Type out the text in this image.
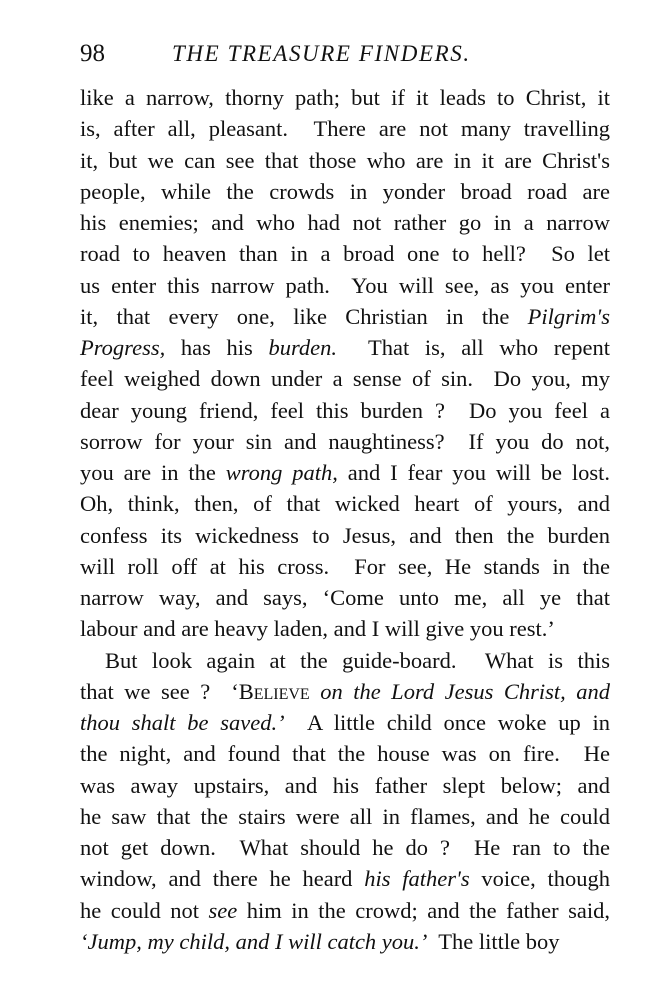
98	THE TREASURE FINDERS.
like a narrow, thorny path; but if it leads to Christ, it
is, after all, pleasant.  There are not many travelling
it, but we can see that those who are in it are Christ's
people, while the crowds in yonder broad road are
his enemies; and who had not rather go in a narrow
road to heaven than in a broad one to hell?  So let
us enter this narrow path.  You will see, as you enter
it, that every one, like Christian in the Pilgrim's
Progress, has his burden.  That is, all who repent
feel weighed down under a sense of sin.  Do you, my
dear young friend, feel this burden ?  Do you feel a
sorrow for your sin and naughtiness?  If you do not,
you are in the wrong path, and I fear you will be lost.
Oh, think, then, of that wicked heart of yours, and
confess its wickedness to Jesus, and then the burden
will roll off at his cross.  For see, He stands in the
narrow way, and says, ‘Come unto me, all ye that
labour and are heavy laden, and I will give you rest.’
But look again at the guide-board.  What is this
that we see ?  ‘Believe on the Lord Jesus Christ, and
thou shalt be saved.’  A little child once woke up in
the night, and found that the house was on fire.  He
was away upstairs, and his father slept below; and
he saw that the stairs were all in flames, and he could
not get down.  What should he do ?  He ran to the
window, and there he heard his father's voice, though
he could not see him in the crowd; and the father said,
‘Jump, my child, and I will catch you.’  The little boy
